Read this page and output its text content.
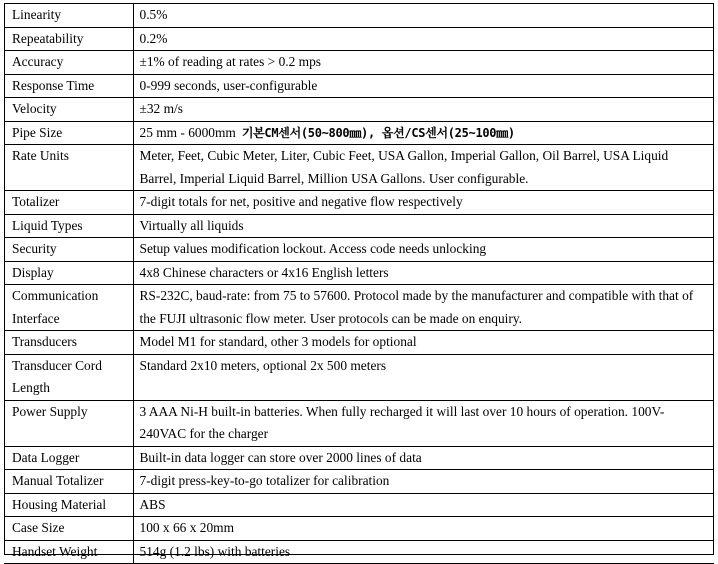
Linearity	0.5%
Repeatability	0.2%
Accuracy	±1% of reading at rates > 0.2 mps
Response Time	0-999 seconds, user-configurable
Velocity	±32 m/s
Pipe Size	25 mm - 6000mm 기본CM센서(50~800㎜), 옵션/CS센서(25~100㎜)
Rate Units	Meter, Feet, Cubic Meter, Liter, Cubic Feet, USA Gallon, Imperial Gallon, Oil Barrel, USA Liquid Barrel, Imperial Liquid Barrel, Million USA Gallons. User configurable.
Totalizer	7-digit totals for net, positive and negative flow respectively
Liquid Types	Virtually all liquids
Security	Setup values modification lockout. Access code needs unlocking
Display	4x8 Chinese characters or 4x16 English letters
Communication Interface	RS-232C, baud-rate: from 75 to 57600. Protocol made by the manufacturer and compatible with that of the FUJI ultrasonic flow meter. User protocols can be made on enquiry.
Transducers	Model M1 for standard, other 3 models for optional
Transducer Cord Length	Standard 2x10 meters, optional 2x 500 meters
Power Supply	3 AAA Ni-H built-in batteries. When fully recharged it will last over 10 hours of operation. 100V-240VAC for the charger
Data Logger	Built-in data logger can store over 2000 lines of data
Manual Totalizer	7-digit press-key-to-go totalizer for calibration
Housing Material	ABS
Case Size	100 x 66 x 20mm
Handset Weight	514g (1.2 lbs) with batteries
